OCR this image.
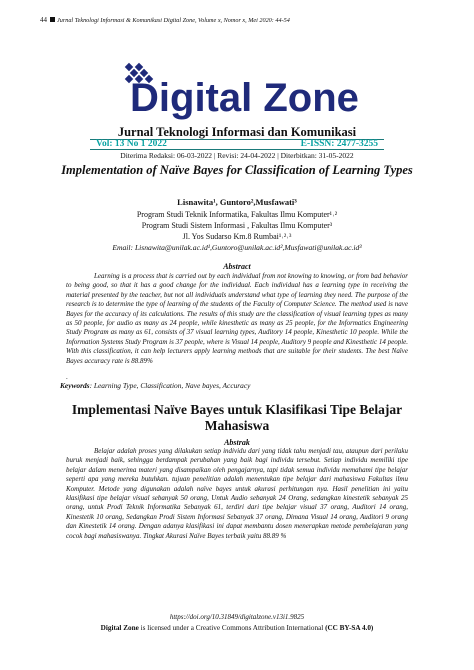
44 Jurnal Teknologi Informasi & Komunikasi Digital Zone, Volume x, Nomor x, Mei 2020: 44-54
Digital Zone
Jurnal Teknologi Informasi dan Komunikasi
Vol: 13 No 1 2022	E-ISSN: 2477-3255
Diterima Redaksi: 06-03-2022 | Revisi: 24-04-2022 | Diterbitkan: 31-05-2022
Implementation of Naïve Bayes for Classification of Learning Types
Lisnawita¹, Guntoro²,Musfawati³
Program Studi Teknik Informatika, Fakultas Ilmu Komputer¹˒²
Program Studi Sistem Informasi , Fakultas Ilmu Komputer³
Jl. Yos Sudarso Km.8 Rumbai¹˒²˒³
Email: Lisnawita@unilak.ac.id¹,Guntoro@unilak.ac.id²,Musfawati@unilak.ac.id³
Abstract
Learning is a process that is carried out by each individual from not knowing to knowing, or from bad behavior to being good, so that it has a good change for the individual. Each individual has a learning type in receiving the material presented by the teacher, but not all individuals understand what type of learning they need. The purpose of the research is to determine the type of learning of the students of the Faculty of Computer Science. The method used is nave Bayes for the accuracy of its calculations. The results of this study are the classification of visual learning types as many as 50 people, for audio as many as 24 people, while kinesthetic as many as 25 people, for the Informatics Engineering Study Program as many as 61, consists of 37 visual learning types, Auditory 14 people, Kinesthetic 10 people. While the Information Systems Study Program is 37 people, where is Visual 14 people, Auditory 9 people and Kinesthetic 14 people. With this classification, it can help lecturers apply learning methods that are suitable for their students. The best Naïve Bayes accuracy rate is 88.89%
.
Keywords: Learning Type, Classification, Nave bayes, Accuracy
Implementasi Naïve Bayes untuk Klasifikasi Tipe Belajar Mahasiswa
Abstrak
Belajar adalah proses yang dilakukan setiap individu dari yang tidak tahu menjadi tau, ataupun dari perilaku buruk menjadi baik, sehingga berdampak perubahan yang baik bagi individu tersebut. Setiap individu memiliki tipe belajar dalam menerima materi yang disampaikan oleh pengajarnya, tapi tidak semua individu memahami tipe belajar seperti apa yang mereka butuhkan. tujuan penelitian adalah menentukan tipe belajar dari mahasiswa Fakultas ilmu Komputer. Metode yang digunakan adalah naïve bayes untuk akurasi perhitungan nya. Hasil penelitian ini yaitu klasifikasi tipe belajar visual sebanyak 50 orang, Untuk Audio sebanyak 24 Orang, sedangkan kinestetik sebanyak 25 orang, untuk Prodi Teknik Informatika Sebanyak 61, terdiri dari tipe belajar visual 37 orang, Auditori 14 orang, Kinestetik 10 orang, Sedangkan Prodi Sistem Informasi Sebanyak 37 orang, Dimana Visual 14 orang, Auditori 9 orang dan Kinestetik 14 orang. Dengan adanya klasifikasi ini dapat membantu dosen menerapkan metode pembelajaran yang cocok bagi mahasiswanya. Tingkat Akurasi Naïve Bayes terbaik yaitu 88.89 %
https://doi.org/10.31849/digitalzone.v13i1.9825
Digital Zone is licensed under a Creative Commons Attribution International (CC BY-SA 4.0)
